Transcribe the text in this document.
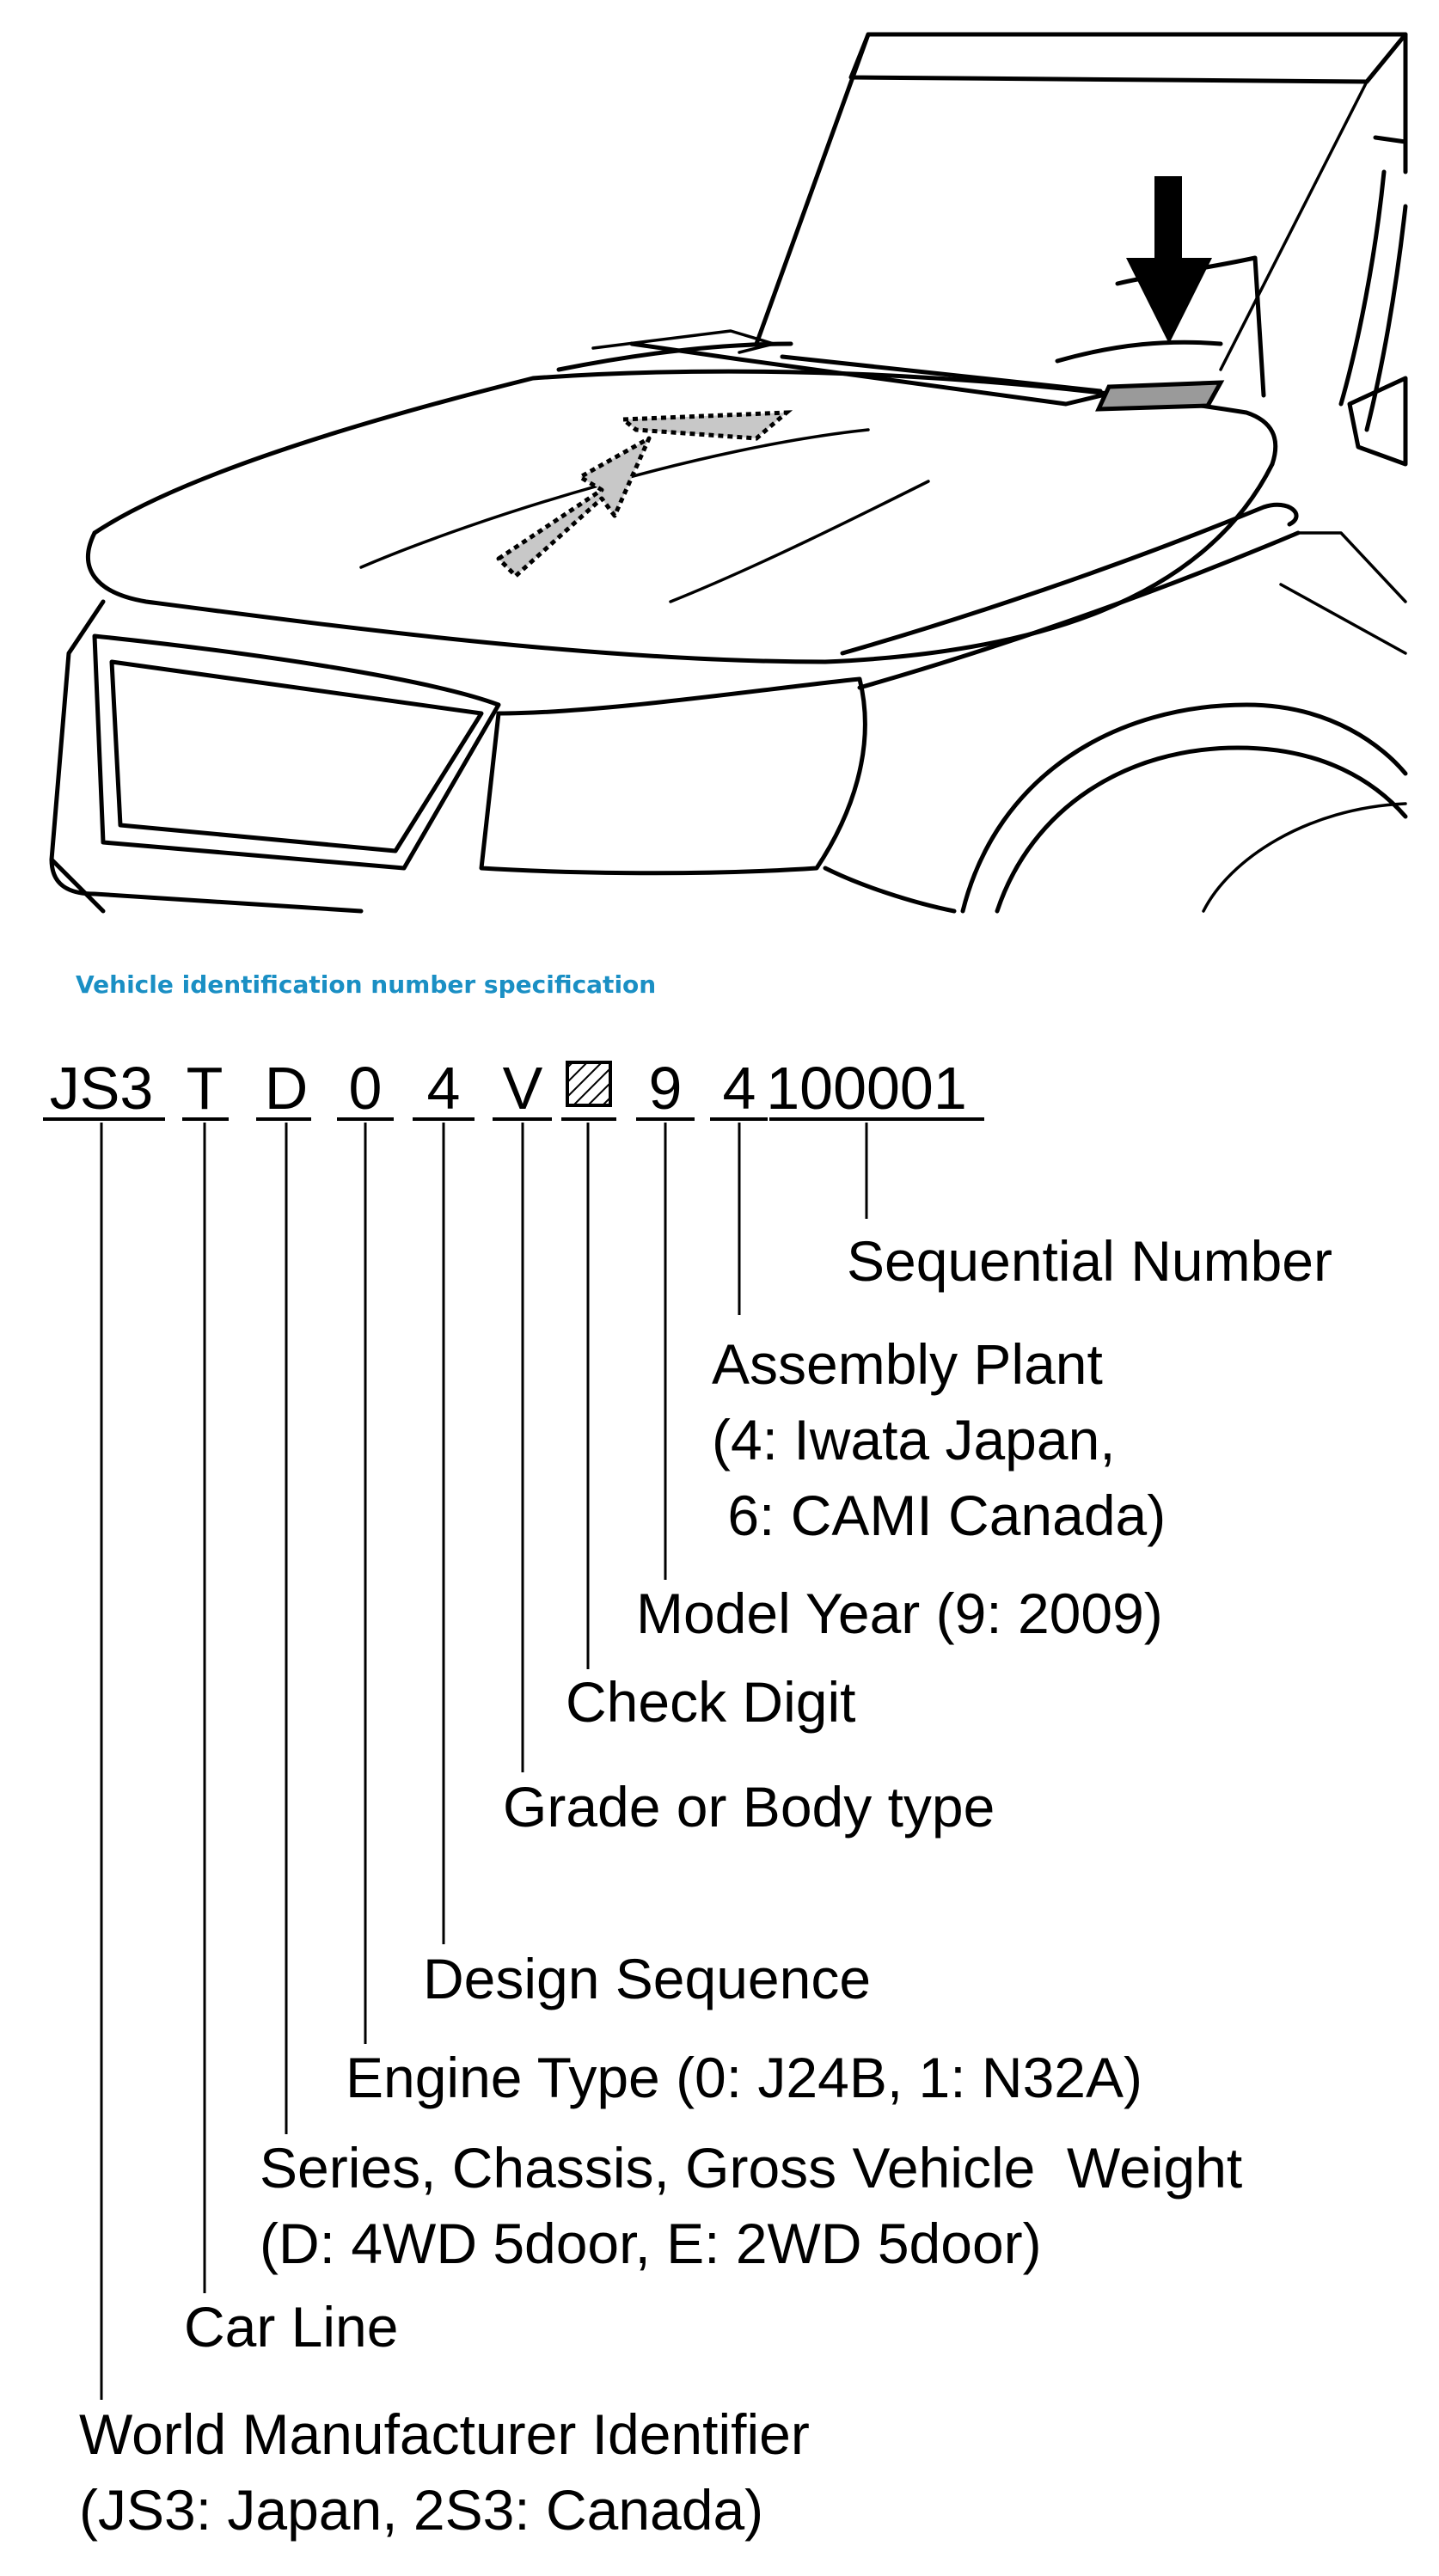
Vehicle identification number specification
JS3 T D 0 4 V 9 4 100001
Sequential Number
Assembly Plant
(4: Iwata Japan,
6: CAMI Canada)
Model Year (9: 2009)
Check Digit
Grade or Body type
Design Sequence
Engine Type (0: J24B, 1: N32A)
Series, Chassis, Gross Vehicle  Weight
(D: 4WD 5door, E: 2WD 5door)
Car Line
World Manufacturer Identifier
(JS3: Japan, 2S3: Canada)
